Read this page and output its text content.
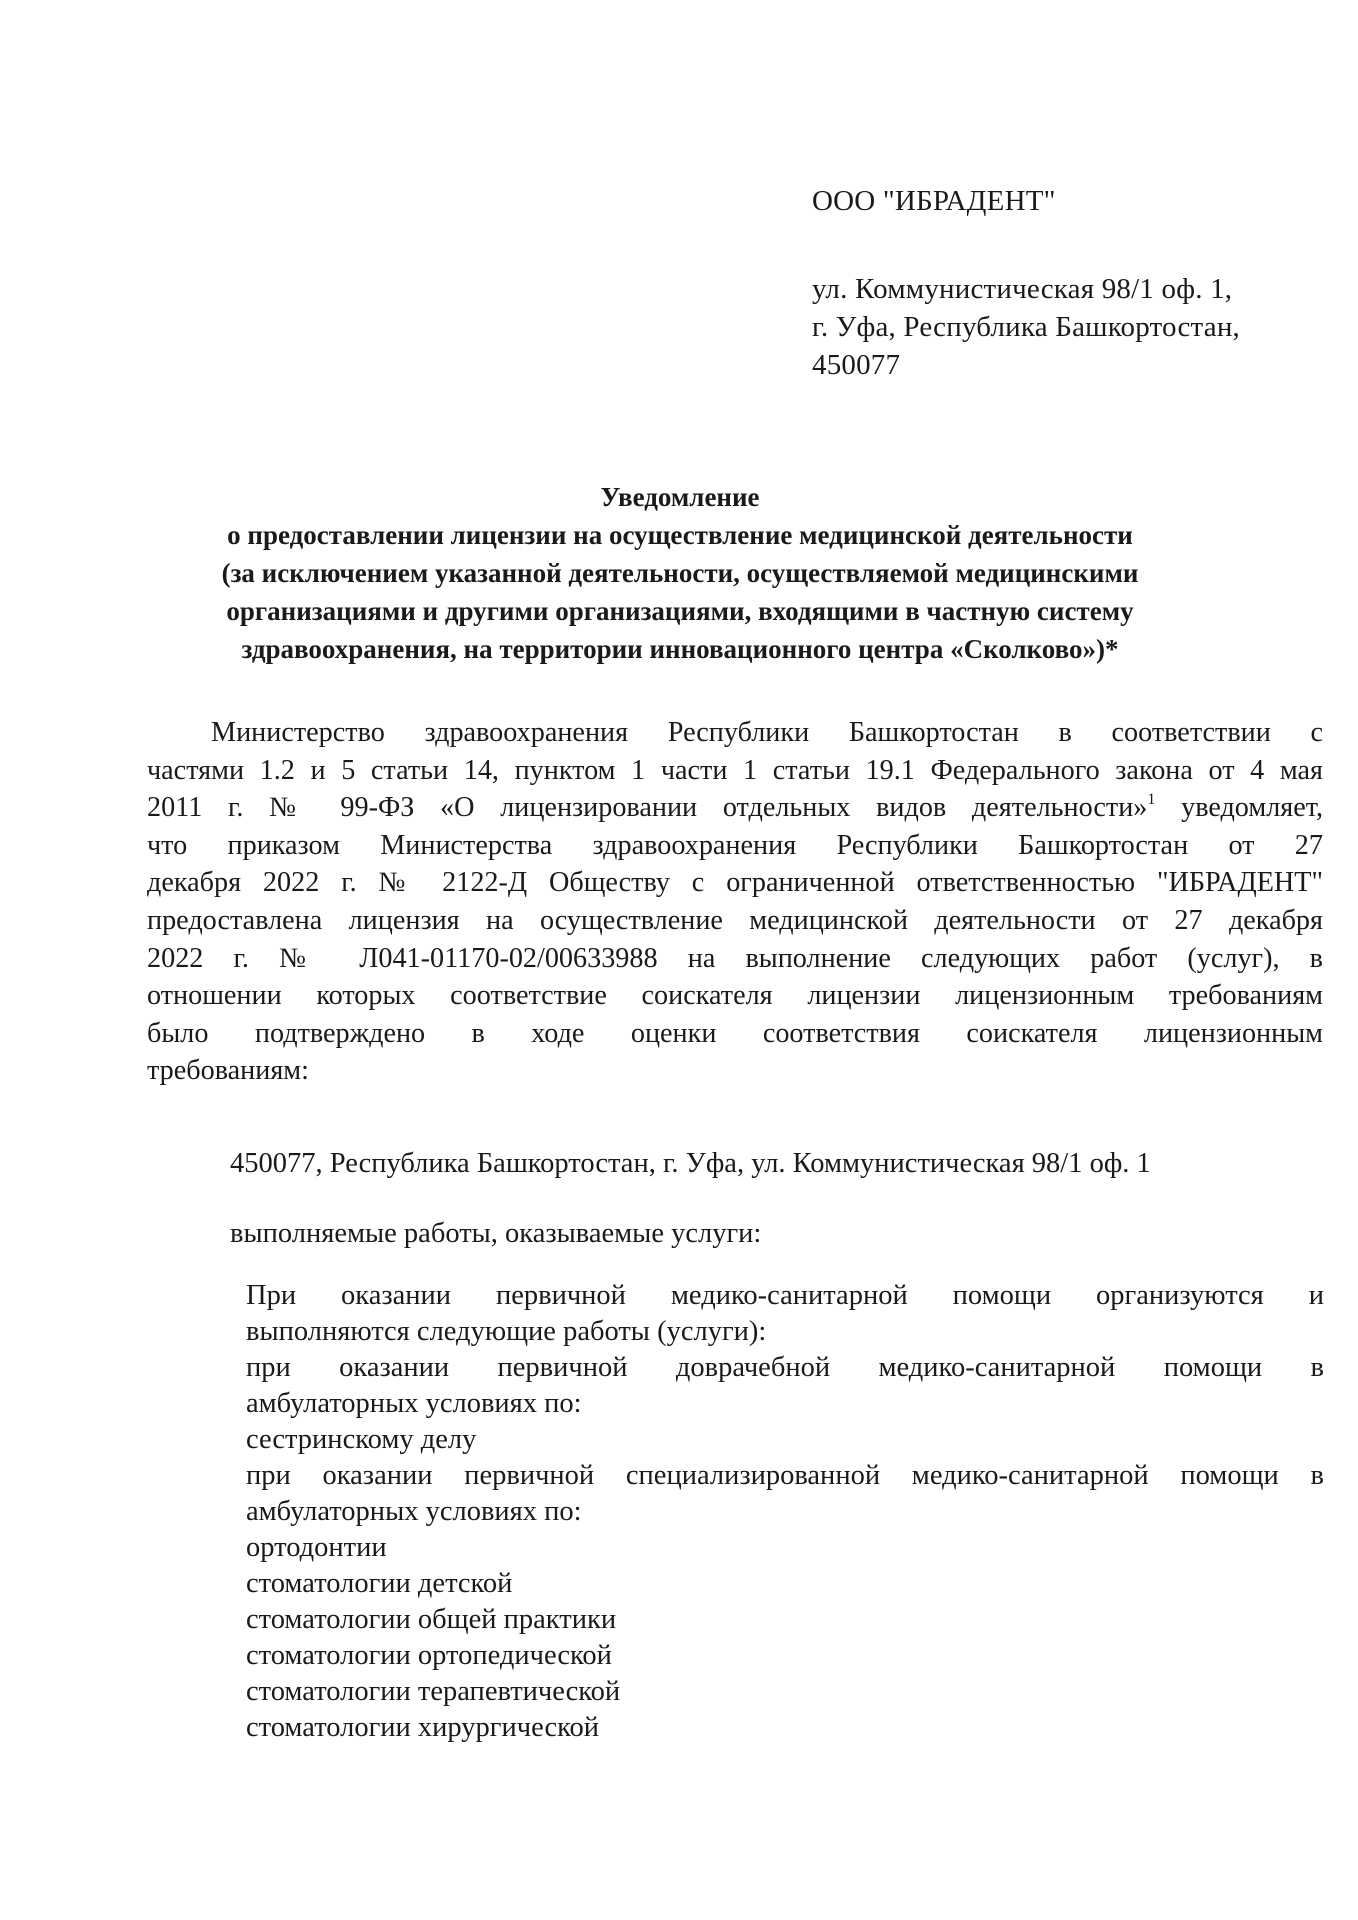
ООО "ИБРАДЕНТ"
ул. Коммунистическая 98/1 оф. 1,
г. Уфа, Республика Башкортостан,
450077
Уведомление
о предоставлении лицензии на осуществление медицинской деятельности
(за исключением указанной деятельности, осуществляемой медицинскими
организациями и другими организациями, входящими в частную систему
здравоохранения, на территории инновационного центра «Сколково»)*
Министерство здравоохранения Республики Башкортостан в соответствии с
частями 1.2 и 5 статьи 14, пунктом 1 части 1 статьи 19.1 Федерального закона от 4 мая
2011 г. № 99-ФЗ «О лицензировании отдельных видов деятельности»$^1$ уведомляет,
что приказом Министерства здравоохранения Республики Башкортостан от 27
декабря 2022 г. № 2122-Д Обществу с ограниченной ответственностью "ИБРАДЕНТ"
предоставлена лицензия на осуществление медицинской деятельности от 27 декабря
2022 г. № Л041-01170-02/00633988 на выполнение следующих работ (услуг), в
отношении которых соответствие соискателя лицензии лицензионным требованиям
было подтверждено в ходе оценки соответствия соискателя лицензионным
требованиям:
450077, Республика Башкортостан, г. Уфа, ул. Коммунистическая 98/1 оф. 1
выполняемые работы, оказываемые услуги:
При оказании первичной медико-санитарной помощи организуются и
выполняются следующие работы (услуги):
при оказании первичной доврачебной медико-санитарной помощи в
амбулаторных условиях по:
сестринскому делу
при оказании первичной специализированной медико-санитарной помощи в
амбулаторных условиях по:
ортодонтии
стоматологии детской
стоматологии общей практики
стоматологии ортопедической
стоматологии терапевтической
стоматологии хирургической
